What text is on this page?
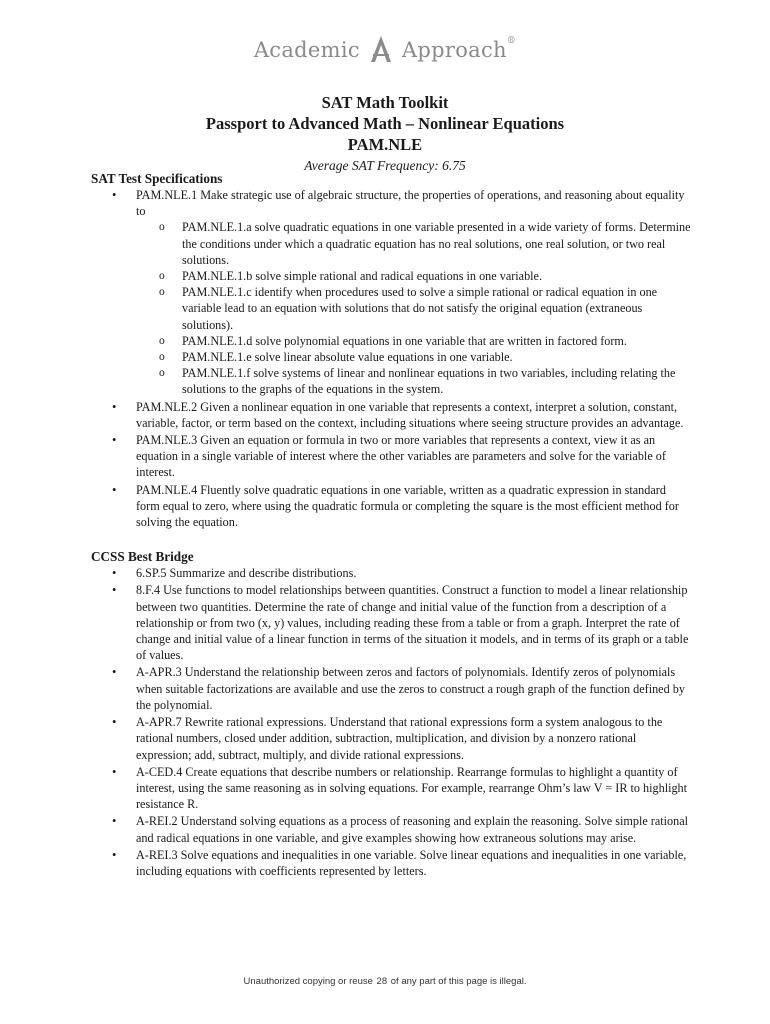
Academic Approach®
SAT Math Toolkit
Passport to Advanced Math – Nonlinear Equations
PAM.NLE
Average SAT Frequency: 6.75
SAT Test Specifications
• PAM.NLE.1 Make strategic use of algebraic structure, the properties of operations, and reasoning about equality to
o PAM.NLE.1.a solve quadratic equations in one variable presented in a wide variety of forms. Determine the conditions under which a quadratic equation has no real solutions, one real solution, or two real solutions.
o PAM.NLE.1.b solve simple rational and radical equations in one variable.
o PAM.NLE.1.c identify when procedures used to solve a simple rational or radical equation in one variable lead to an equation with solutions that do not satisfy the original equation (extraneous solutions).
o PAM.NLE.1.d solve polynomial equations in one variable that are written in factored form.
o PAM.NLE.1.e solve linear absolute value equations in one variable.
o PAM.NLE.1.f solve systems of linear and nonlinear equations in two variables, including relating the solutions to the graphs of the equations in the system.
• PAM.NLE.2 Given a nonlinear equation in one variable that represents a context, interpret a solution, constant, variable, factor, or term based on the context, including situations where seeing structure provides an advantage.
• PAM.NLE.3 Given an equation or formula in two or more variables that represents a context, view it as an equation in a single variable of interest where the other variables are parameters and solve for the variable of interest.
• PAM.NLE.4 Fluently solve quadratic equations in one variable, written as a quadratic expression in standard form equal to zero, where using the quadratic formula or completing the square is the most efficient method for solving the equation.
CCSS Best Bridge
• 6.SP.5 Summarize and describe distributions.
• 8.F.4 Use functions to model relationships between quantities. Construct a function to model a linear relationship between two quantities. Determine the rate of change and initial value of the function from a description of a relationship or from two (x, y) values, including reading these from a table or from a graph. Interpret the rate of change and initial value of a linear function in terms of the situation it models, and in terms of its graph or a table of values.
• A-APR.3 Understand the relationship between zeros and factors of polynomials. Identify zeros of polynomials when suitable factorizations are available and use the zeros to construct a rough graph of the function defined by the polynomial.
• A-APR.7 Rewrite rational expressions. Understand that rational expressions form a system analogous to the rational numbers, closed under addition, subtraction, multiplication, and division by a nonzero rational expression; add, subtract, multiply, and divide rational expressions.
• A-CED.4 Create equations that describe numbers or relationship. Rearrange formulas to highlight a quantity of interest, using the same reasoning as in solving equations. For example, rearrange Ohm’s law V = IR to highlight resistance R.
• A-REI.2 Understand solving equations as a process of reasoning and explain the reasoning. Solve simple rational and radical equations in one variable, and give examples showing how extraneous solutions may arise.
• A-REI.3 Solve equations and inequalities in one variable. Solve linear equations and inequalities in one variable, including equations with coefficients represented by letters.
Unauthorized copying or reuse 28 of any part of this page is illegal.
